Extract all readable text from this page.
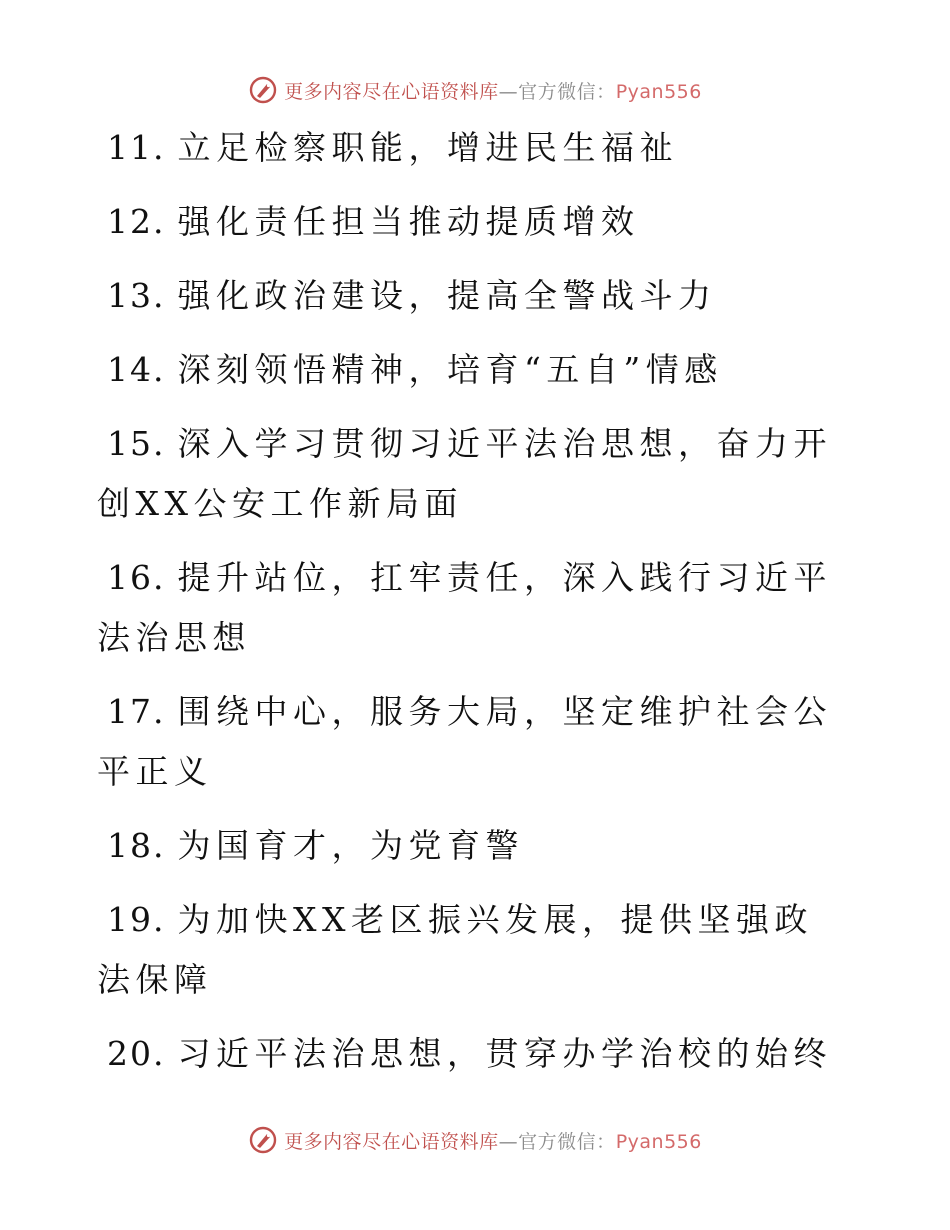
更多内容尽在心语资料库—官方微信：Pyan556

11. 立足检察职能，增进民生福祉

12. 强化责任担当推动提质增效

13. 强化政治建设，提高全警战斗力

14. 深刻领悟精神，培育“五自”情感

15. 深入学习贯彻习近平法治思想，奋力开创XX公安工作新局面

16. 提升站位，扛牢责任，深入践行习近平法治思想

17. 围绕中心，服务大局，坚定维护社会公平正义

18. 为国育才，为党育警

19. 为加快XX老区振兴发展，提供坚强政法保障

20. 习近平法治思想，贯穿办学治校的始终

更多内容尽在心语资料库—官方微信：Pyan556
